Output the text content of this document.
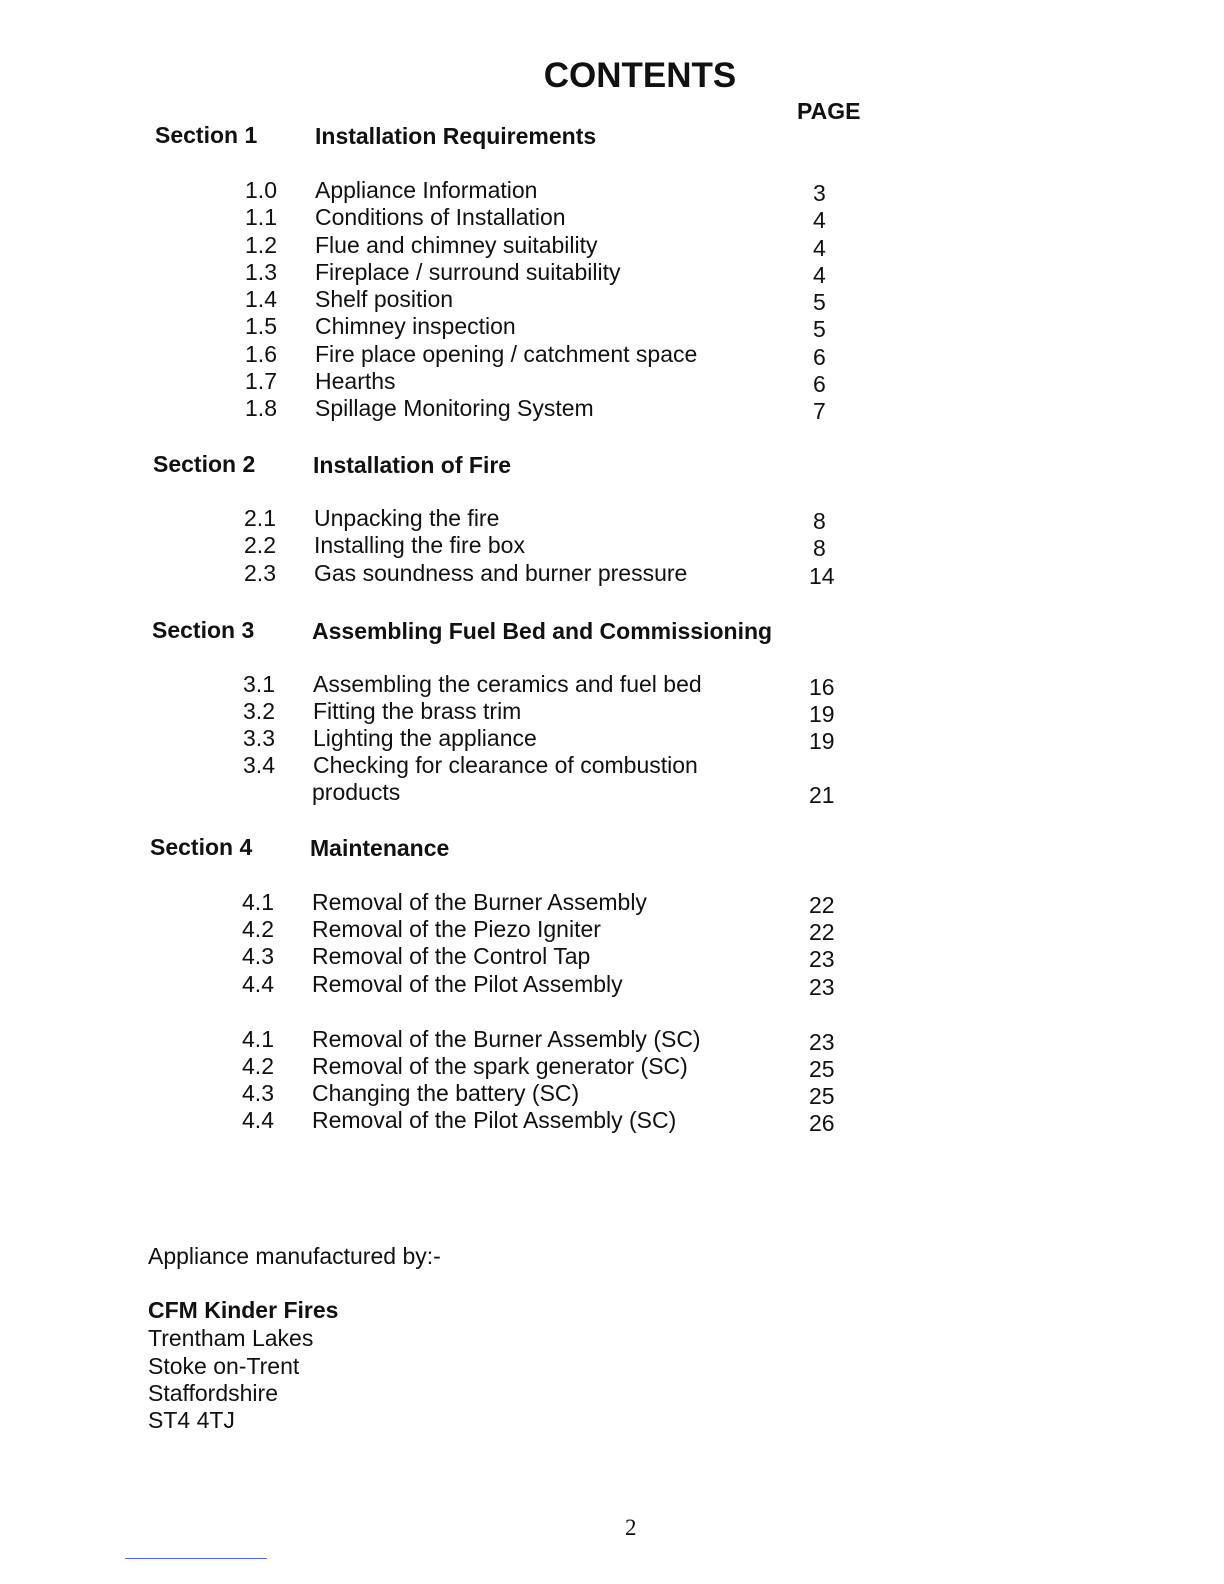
CONTENTS
PAGE
Section 1	Installation Requirements
1.0 Appliance Information	3
1.1 Conditions of Installation	4
1.2 Flue and chimney suitability	4
1.3 Fireplace / surround suitability	4
1.4 Shelf position	5
1.5 Chimney inspection	5
1.6 Fire place opening / catchment space	6
1.7 Hearths	6
1.8 Spillage Monitoring System	7
Section 2	Installation of Fire
2.1 Unpacking the fire	8
2.2 Installing the fire box	8
2.3 Gas soundness and burner pressure	14
Section 3	Assembling Fuel Bed and Commissioning
3.1 Assembling the ceramics and fuel bed	16
3.2 Fitting the brass trim	19
3.3 Lighting the appliance	19
3.4 Checking for clearance of combustion
products	21
Section 4	Maintenance
4.1 Removal of the Burner Assembly	22
4.2 Removal of the Piezo Igniter	22
4.3 Removal of the Control Tap	23
4.4 Removal of the Pilot Assembly	23
4.1 Removal of the Burner Assembly (SC)	23
4.2 Removal of the spark generator (SC)	25
4.3 Changing the battery (SC)	25
4.4 Removal of the Pilot Assembly (SC)	26
Appliance manufactured by:-
CFM Kinder Fires
Trentham Lakes
Stoke on-Trent
Staffordshire
ST4 4TJ
2
